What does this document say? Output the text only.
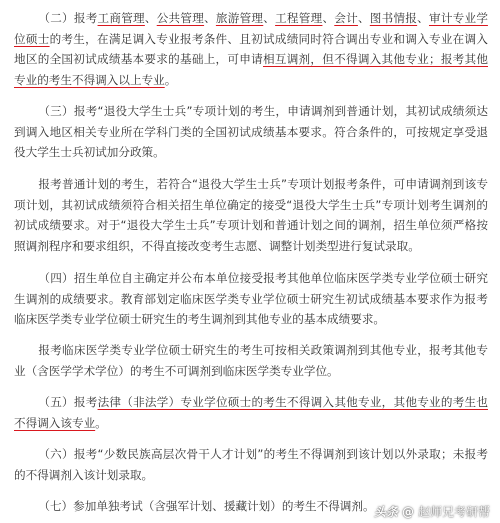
（二）报考工商管理、公共管理、旅游管理、工程管理、会计、图书情报、审计专业学位硕士的考生，在满足调入专业报考条件、且初试成绩同时符合调出专业和调入专业在调入地区的全国初试成绩基本要求的基础上，可申请相互调剂，但不得调入其他专业；报考其他专业的考生不得调入以上专业。

（三）报考“退役大学生士兵”专项计划的考生，申请调剂到普通计划，其初试成绩须达到调入地区相关专业所在学科门类的全国初试成绩基本要求。符合条件的，可按规定享受退役大学生士兵初试加分政策。

报考普通计划的考生，若符合“退役大学生士兵”专项计划报考条件，可申请调剂到该专项计划，其初试成绩须符合相关招生单位确定的接受“退役大学生士兵”专项计划考生调剂的初试成绩要求。对于“退役大学生士兵”专项计划和普通计划之间的调剂，招生单位须严格按照调剂程序和要求组织，不得直接改变考生志愿、调整计划类型进行复试录取。

（四）招生单位自主确定并公布本单位接受报考其他单位临床医学类专业学位硕士研究生调剂的成绩要求。教育部划定临床医学类专业学位硕士研究生初试成绩基本要求作为报考临床医学类专业学位硕士研究生的考生调剂到其他专业的基本成绩要求。

报考临床医学类专业学位硕士研究生的考生可按相关政策调剂到其他专业，报考其他专业（含医学学术学位）的考生不可调剂到临床医学类专业学位。

（五）报考法律（非法学）专业学位硕士的考生不得调入其他专业，其他专业的考生也不得调入该专业。

（六）报考“少数民族高层次骨干人才计划”的考生不得调剂到该计划以外录取；未报考的不得调剂入该计划录取。

（七）参加单独考试（含强军计划、援藏计划）的考生不得调剂。 头条 @ 赵师兄考研帮
